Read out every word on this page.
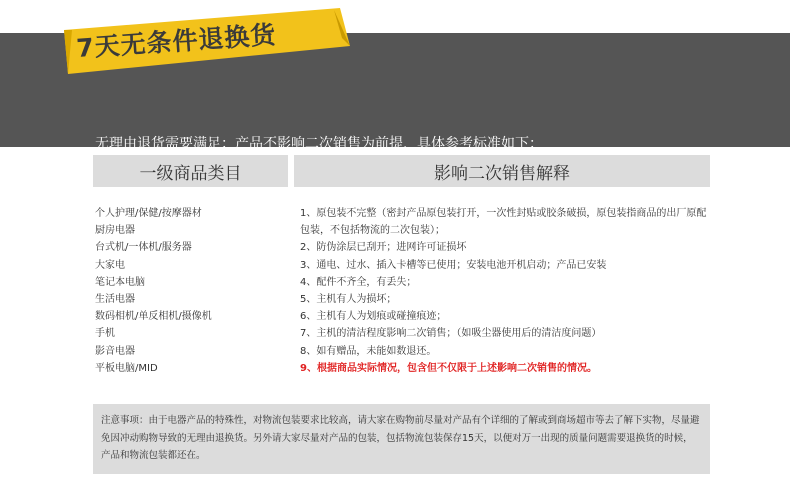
无理由退货需要满足：产品不影响二次销售为前提，具体参考标准如下：
7天无条件退换货
一级商品类目	影响二次销售解释
个人护理/保健/按摩器材
厨房电器
台式机/一体机/服务器
大家电
笔记本电脑
生活电器
数码相机/单反相机/摄像机
手机
影音电器
平板电脑/MID
1、原包装不完整（密封产品原包装打开，一次性封贴或胶条破损，原包装指商品的出厂原配
包装，不包括物流的二次包装）；
2、防伪涂层已刮开；进网许可证损坏
3、通电、过水、插入卡槽等已使用；安装电池开机启动；产品已安装
4、配件不齐全，有丢失；
5、主机有人为损坏；
6、主机有人为划痕或碰撞痕迹；
7、主机的清洁程度影响二次销售；（如吸尘器使用后的清洁度问题）
8、如有赠品，未能如数退还。
9、根据商品实际情况，包含但不仅限于上述影响二次销售的情况。
注意事项：由于电器产品的特殊性，对物流包装要求比较高，请大家在购物前尽量对产品有个详细的了解或到商场超市等去了解下实物，尽量避免因冲动购物导致的无理由退换货。另外请大家尽量对产品的包装，包括物流包装保存15天，以便对万一出现的质量问题需要退换货的时候，产品和物流包装都还在。
